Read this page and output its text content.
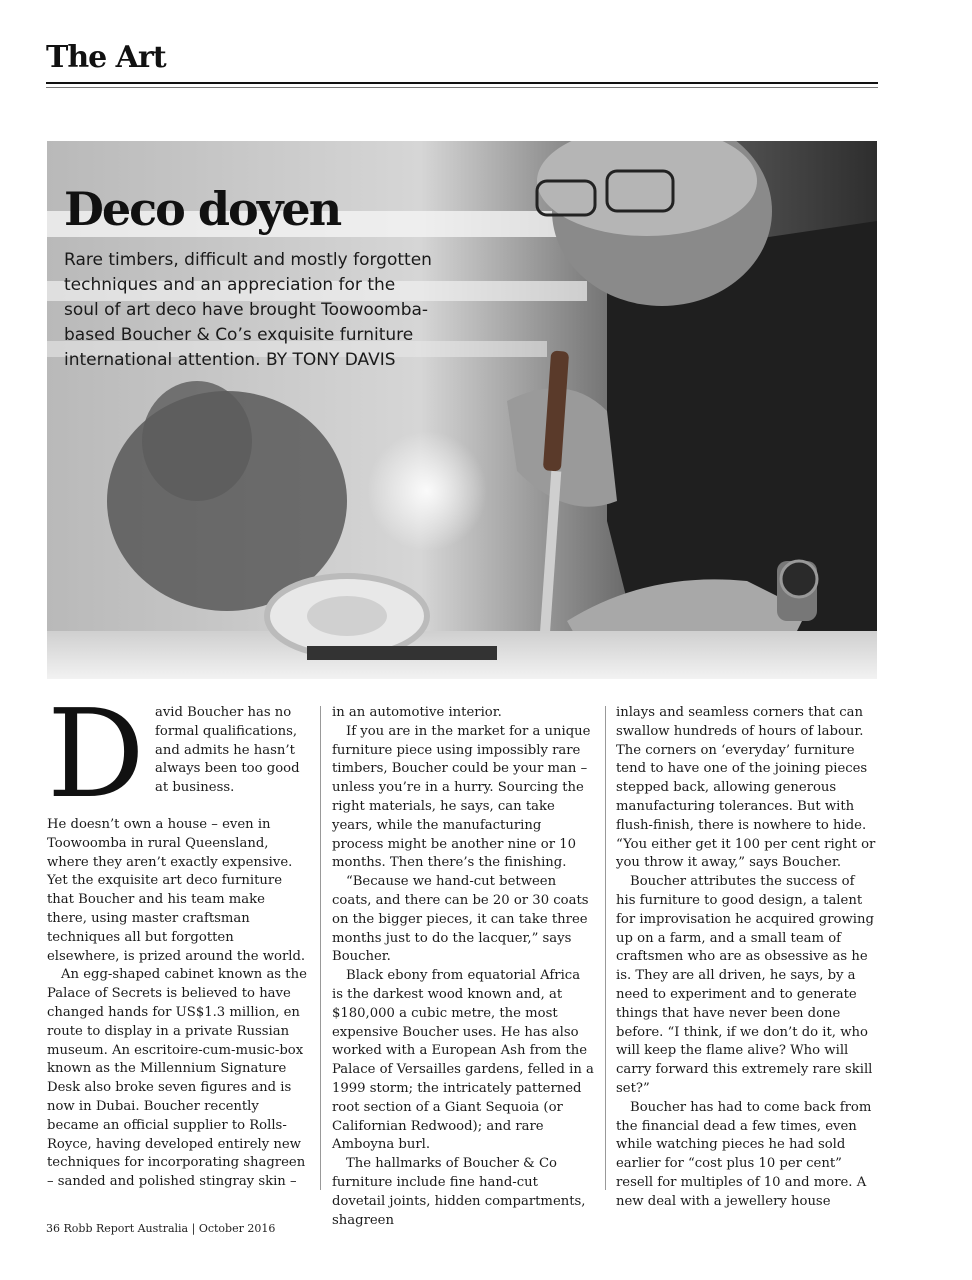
The Art
Deco doyen
Rare timbers, difficult and mostly forgotten techniques and an appreciation for the soul of art deco have brought Toowoomba-based Boucher & Co’s exquisite furniture international attention. BY TONY DAVIS
D avid Boucher has no formal qualifications, and admits he hasn’t always been too good at business.

He doesn’t own a house – even in Toowoomba in rural Queensland, where they aren’t exactly expensive. Yet the exquisite art deco furniture that Boucher and his team make there, using master craftsman techniques all but forgotten elsewhere, is prized around the world.

An egg-shaped cabinet known as the Palace of Secrets is believed to have changed hands for US$1.3 million, en route to display in a private Russian museum. An escritoire-cum-music-box known as the Millennium Signature Desk also broke seven figures and is now in Dubai. Boucher recently became an official supplier to Rolls-Royce, having developed entirely new techniques for incorporating shagreen – sanded and polished stingray skin –

in an automotive interior.

If you are in the market for a unique furniture piece using impossibly rare timbers, Boucher could be your man – unless you’re in a hurry. Sourcing the right materials, he says, can take years, while the manufacturing process might be another nine or 10 months. Then there’s the finishing.

“Because we hand-cut between coats, and there can be 20 or 30 coats on the bigger pieces, it can take three months just to do the lacquer,” says Boucher.

Black ebony from equatorial Africa is the darkest wood known and, at $180,000 a cubic metre, the most expensive Boucher uses. He has also worked with a European Ash from the Palace of Versailles gardens, felled in a 1999 storm; the intricately patterned root section of a Giant Sequoia (or Californian Redwood); and rare Amboyna burl.

The hallmarks of Boucher & Co furniture include fine hand-cut dovetail joints, hidden compartments, shagreen

inlays and seamless corners that can swallow hundreds of hours of labour. The corners on ‘everyday’ furniture tend to have one of the joining pieces stepped back, allowing generous manufacturing tolerances. But with flush-finish, there is nowhere to hide. “You either get it 100 per cent right or you throw it away,” says Boucher.

Boucher attributes the success of his furniture to good design, a talent for improvisation he acquired growing up on a farm, and a small team of craftsmen who are as obsessive as he is. They are all driven, he says, by a need to experiment and to generate things that have never been done before. “I think, if we don’t do it, who will keep the flame alive? Who will carry forward this extremely rare skill set?”

Boucher has had to come back from the financial dead a few times, even while watching pieces he had sold earlier for “cost plus 10 per cent” resell for multiples of 10 and more. A new deal with a jewellery house

36 Robb Report Australia | October 2016
